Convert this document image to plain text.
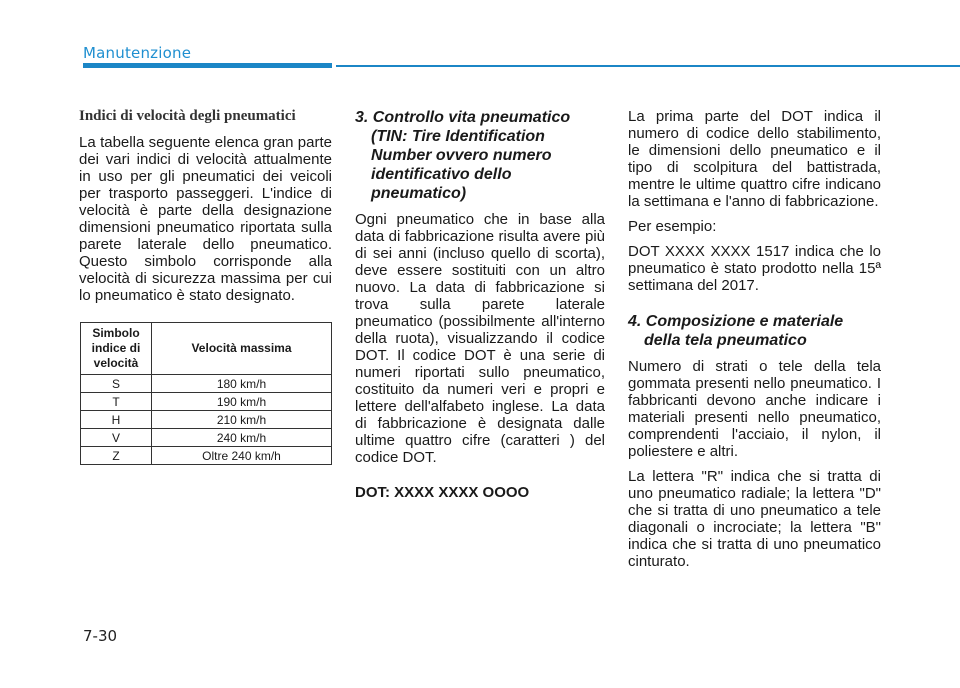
Manutenzione
Indici di velocità degli pneumatici

La tabella seguente elenca gran parte dei vari indici di velocità attualmente in uso per gli pneumatici dei veicoli per trasporto passeggeri. L'indice di velocità è parte della designazione dimensioni pneumatico riportata sulla parete laterale dello pneumatico. Questo simbolo corrisponde alla velocità di sicurezza massima per cui lo pneumatico è stato designato.

Simbolo indice di velocità	Velocità massima
S	180 km/h
T	190 km/h
H	210 km/h
V	240 km/h
Z	Oltre 240 km/h
3. Controllo vita pneumatico
(TIN: Tire Identification Number ovvero numero identificativo dello pneumatico)

Ogni pneumatico che in base alla data di fabbricazione risulta avere più di sei anni (incluso quello di scorta), deve essere sostituiti con un altro nuovo. La data di fabbricazione si trova sulla parete laterale pneumatico (possibilmente all'interno della ruota), visualizzando il codice DOT. Il codice DOT è una serie di numeri riportati sullo pneumatico, costituito da numeri veri e propri e lettere dell'alfabeto inglese. La data di fabbricazione è designata dalle ultime quattro cifre (caratteri ) del codice DOT.

DOT: XXXX XXXX OOOO

La prima parte del DOT indica il numero di codice dello stabilimento, le dimensioni dello pneumatico e il tipo di scolpitura del battistrada, mentre le ultime quattro cifre indicano la settimana e l'anno di fabbricazione.

Per esempio:

DOT XXXX XXXX 1517 indica che lo pneumatico è stato prodotto nella 15ª settimana del 2017.

4. Composizione e materiale
della tela pneumatico

Numero di strati o tele della tela gommata presenti nello pneumatico. I fabbricanti devono anche indicare i materiali presenti nello pneumatico, comprendenti l'acciaio, il nylon, il poliestere e altri.

La lettera "R" indica che si tratta di uno pneumatico radiale; la lettera "D" che si tratta di uno pneumatico a tele diagonali o incrociate; la lettera "B" indica che si tratta di uno pneumatico cinturato.

7-30
